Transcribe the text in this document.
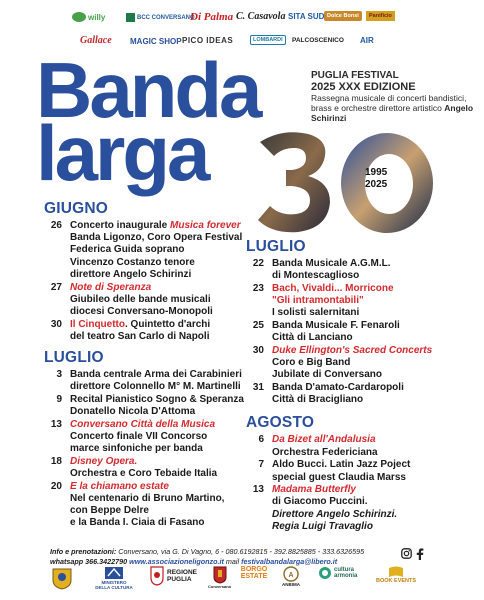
willy	BCC CONVERSANO
Di Palma C. Casavola SITA SUD Dolce Bonsi	Panificio
Gallace MAGIC SHOP PICO IDEAS	LOMBARDI	PALCOSCENICO AIR
Banda
larga
PUGLIA FESTIVAL
2025 XXX EDIZIONE
Rassegna musicale di concerti bandistici, brass e orchestre direttore artistico Angelo Schirinzi
1995
2025
GIUGNO
26 Concerto inaugurale Musica forever
Banda Ligonzo, Coro Opera Festival
Federica Guida soprano
Vincenzo Costanzo tenore
direttore Angelo Schirinzi
27 Note di Speranza
Giubileo delle bande musicali
diocesi Conversano-Monopoli
30 Il Cinquetto. Quintetto d'archi
del teatro San Carlo di Napoli
LUGLIO
3 Banda centrale Arma dei Carabinieri
direttore Colonnello M° M. Martinelli
9 Recital Pianistico Sogno & Speranza
Donatello Nicola D'Attoma
13 Conversano Città della Musica
Concerto finale VII Concorso
marce sinfoniche per banda
18 Disney Opera.
Orchestra e Coro Tebaide Italia
20 E la chiamano estate
Nel centenario di Bruno Martino,
con Beppe Delre
e la Banda I. Ciaia di Fasano
LUGLIO
22 Banda Musicale A.G.M.L.
di Montescaglioso
23 Bach, Vivaldi... Morricone
"Gli intramontabili"
I solisti salernitani
25 Banda Musicale F. Fenaroli
Città di Lanciano
30 Duke Ellington's Sacred Concerts
Coro e Big Band
Jubilate di Conversano
31 Banda D'amato-Cardaropoli
Città di Bracigliano
AGOSTO
6 Da Bizet all'Andalusia
Orchestra Federiciana
7 Aldo Bucci. Latin Jazz Poject
special guest Claudia Marss
13 Madama Butterfly
di Giacomo Puccini.
Direttore Angelo Schirinzi.
Regia Luigi Travaglio
Info e prenotazioni: Conversano, via G. Di Vagno, 6 - 080.6192815 - 392.8825885 - 333.6326595
whatsapp 366.3422790 www.associazioneligonzo.it mail festivalbandalarga@libero.it
MINISTERO DELLA CULTURA
REGIONE PUGLIA
Conversano
BORGO ESTATE	A
ANBIMA
cultura armonia
BOOK EVENTS
